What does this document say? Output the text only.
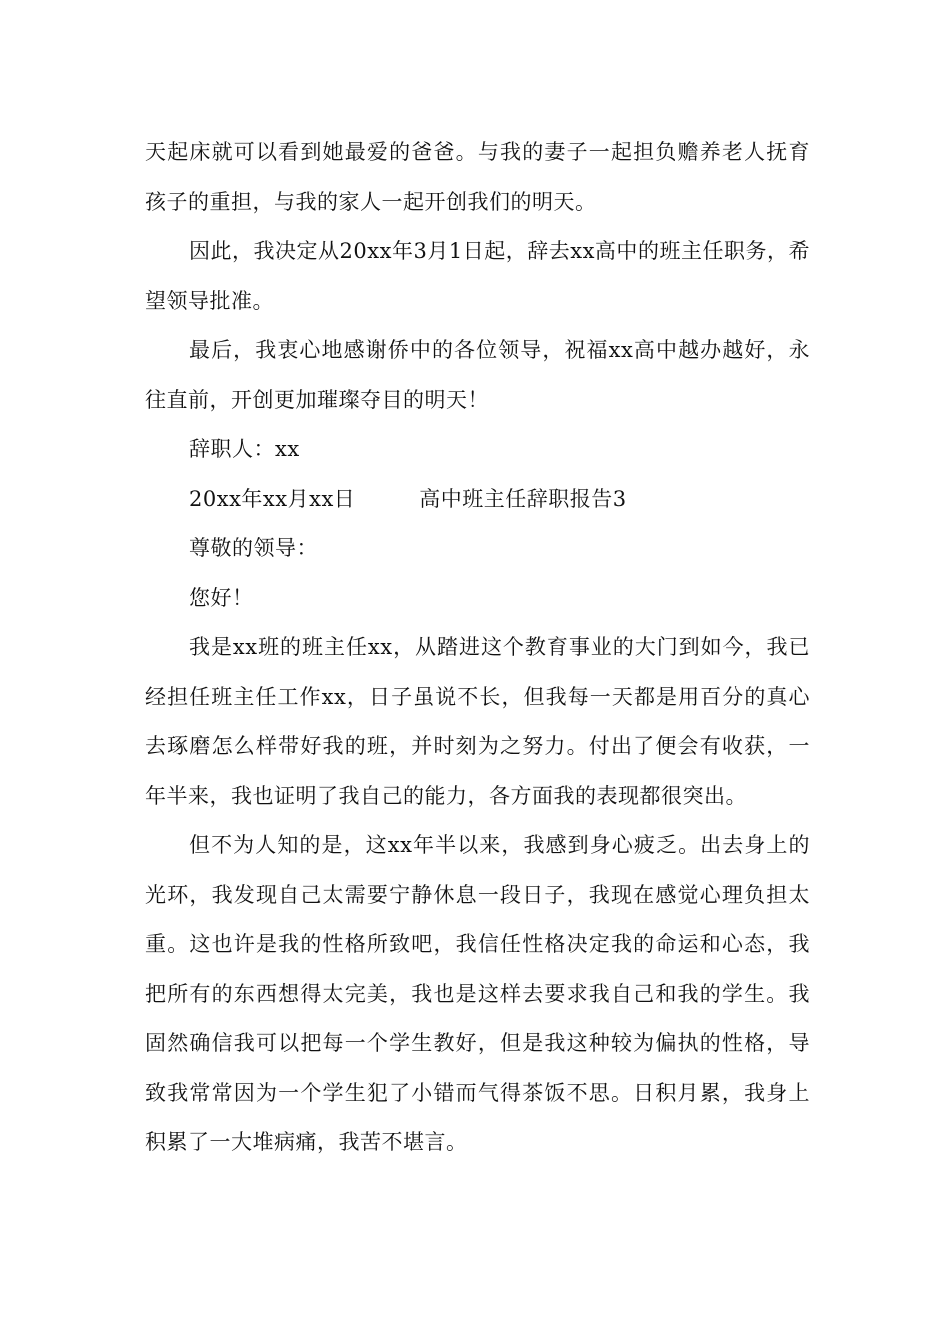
天起床就可以看到她最爱的爸爸。与我的妻子一起担负赡养老人抚育孩子的重担，与我的家人一起开创我们的明天。

因此，我决定从20xx年3月1日起，辞去xx高中的班主任职务，希望领导批准。

最后，我衷心地感谢侨中的各位领导，祝福xx高中越办越好，永往直前，开创更加璀璨夺目的明天！

辞职人：xx

20xx年xx月xx日	高中班主任辞职报告3

尊敬的领导：

您好！

我是xx班的班主任xx，从踏进这个教育事业的大门到如今，我已经担任班主任工作xx，日子虽说不长，但我每一天都是用百分的真心去琢磨怎么样带好我的班，并时刻为之努力。付出了便会有收获，一年半来，我也证明了我自己的能力，各方面我的表现都很突出。

但不为人知的是，这xx年半以来，我感到身心疲乏。出去身上的光环，我发现自己太需要宁静休息一段日子，我现在感觉心理负担太重。这也许是我的性格所致吧，我信任性格决定我的命运和心态，我把所有的东西想得太完美，我也是这样去要求我自己和我的学生。我固然确信我可以把每一个学生教好，但是我这种较为偏执的性格，导致我常常因为一个学生犯了小错而气得茶饭不思。日积月累，我身上积累了一大堆病痛，我苦不堪言。
